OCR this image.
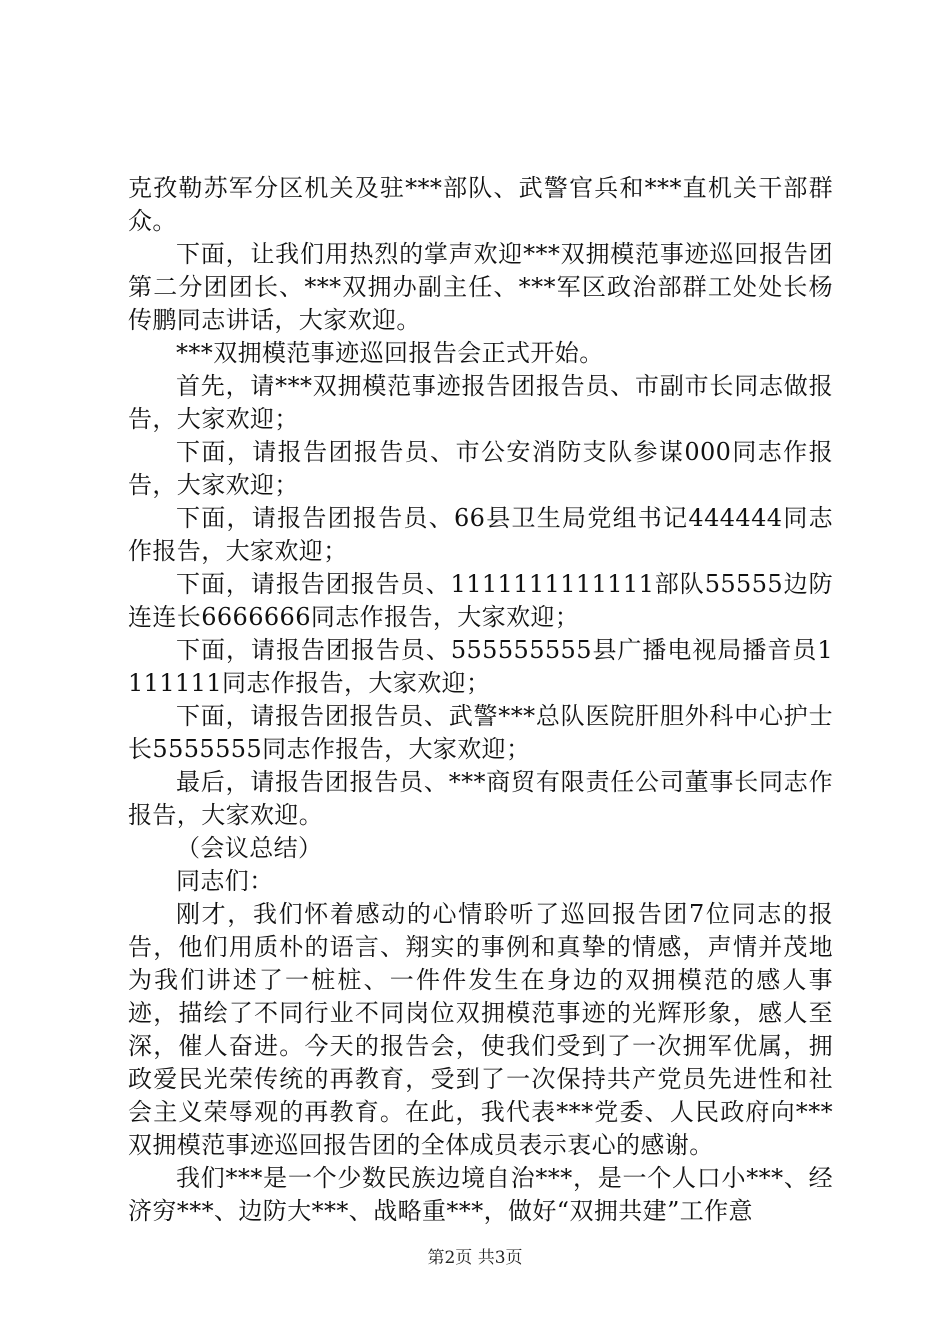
克孜勒苏军分区机关及驻***部队、武警官兵和***直机关干部群众。

下面，让我们用热烈的掌声欢迎***双拥模范事迹巡回报告团第二分团团长、***双拥办副主任、***军区政治部群工处处长杨传鹏同志讲话，大家欢迎。

***双拥模范事迹巡回报告会正式开始。

首先，请***双拥模范事迹报告团报告员、市副市长同志做报告，大家欢迎；

下面，请报告团报告员、市公安消防支队参谋000同志作报告，大家欢迎；

下面，请报告团报告员、66县卫生局党组书记444444同志作报告，大家欢迎；

下面，请报告团报告员、1111111111111部队55555边防连连长6666666同志作报告，大家欢迎；

下面，请报告团报告员、555555555县广播电视局播音员1111111同志作报告，大家欢迎；

下面，请报告团报告员、武警***总队医院肝胆外科中心护士长5555555同志作报告，大家欢迎；

最后，请报告团报告员、***商贸有限责任公司董事长同志作报告，大家欢迎。

（会议总结）

同志们：

刚才，我们怀着感动的心情聆听了巡回报告团7位同志的报告，他们用质朴的语言、翔实的事例和真挚的情感，声情并茂地为我们讲述了一桩桩、一件件发生在身边的双拥模范的感人事迹，描绘了不同行业不同岗位双拥模范事迹的光辉形象，感人至深，催人奋进。今天的报告会，使我们受到了一次拥军优属，拥政爱民光荣传统的再教育，受到了一次保持共产党员先进性和社会主义荣辱观的再教育。在此，我代表***党委、人民政府向***双拥模范事迹巡回报告团的全体成员表示衷心的感谢。

我们***是一个少数民族边境自治***，是一个人口小***、经济穷***、边防大***、战略重***，做好“双拥共建”工作意

第2页 共3页
